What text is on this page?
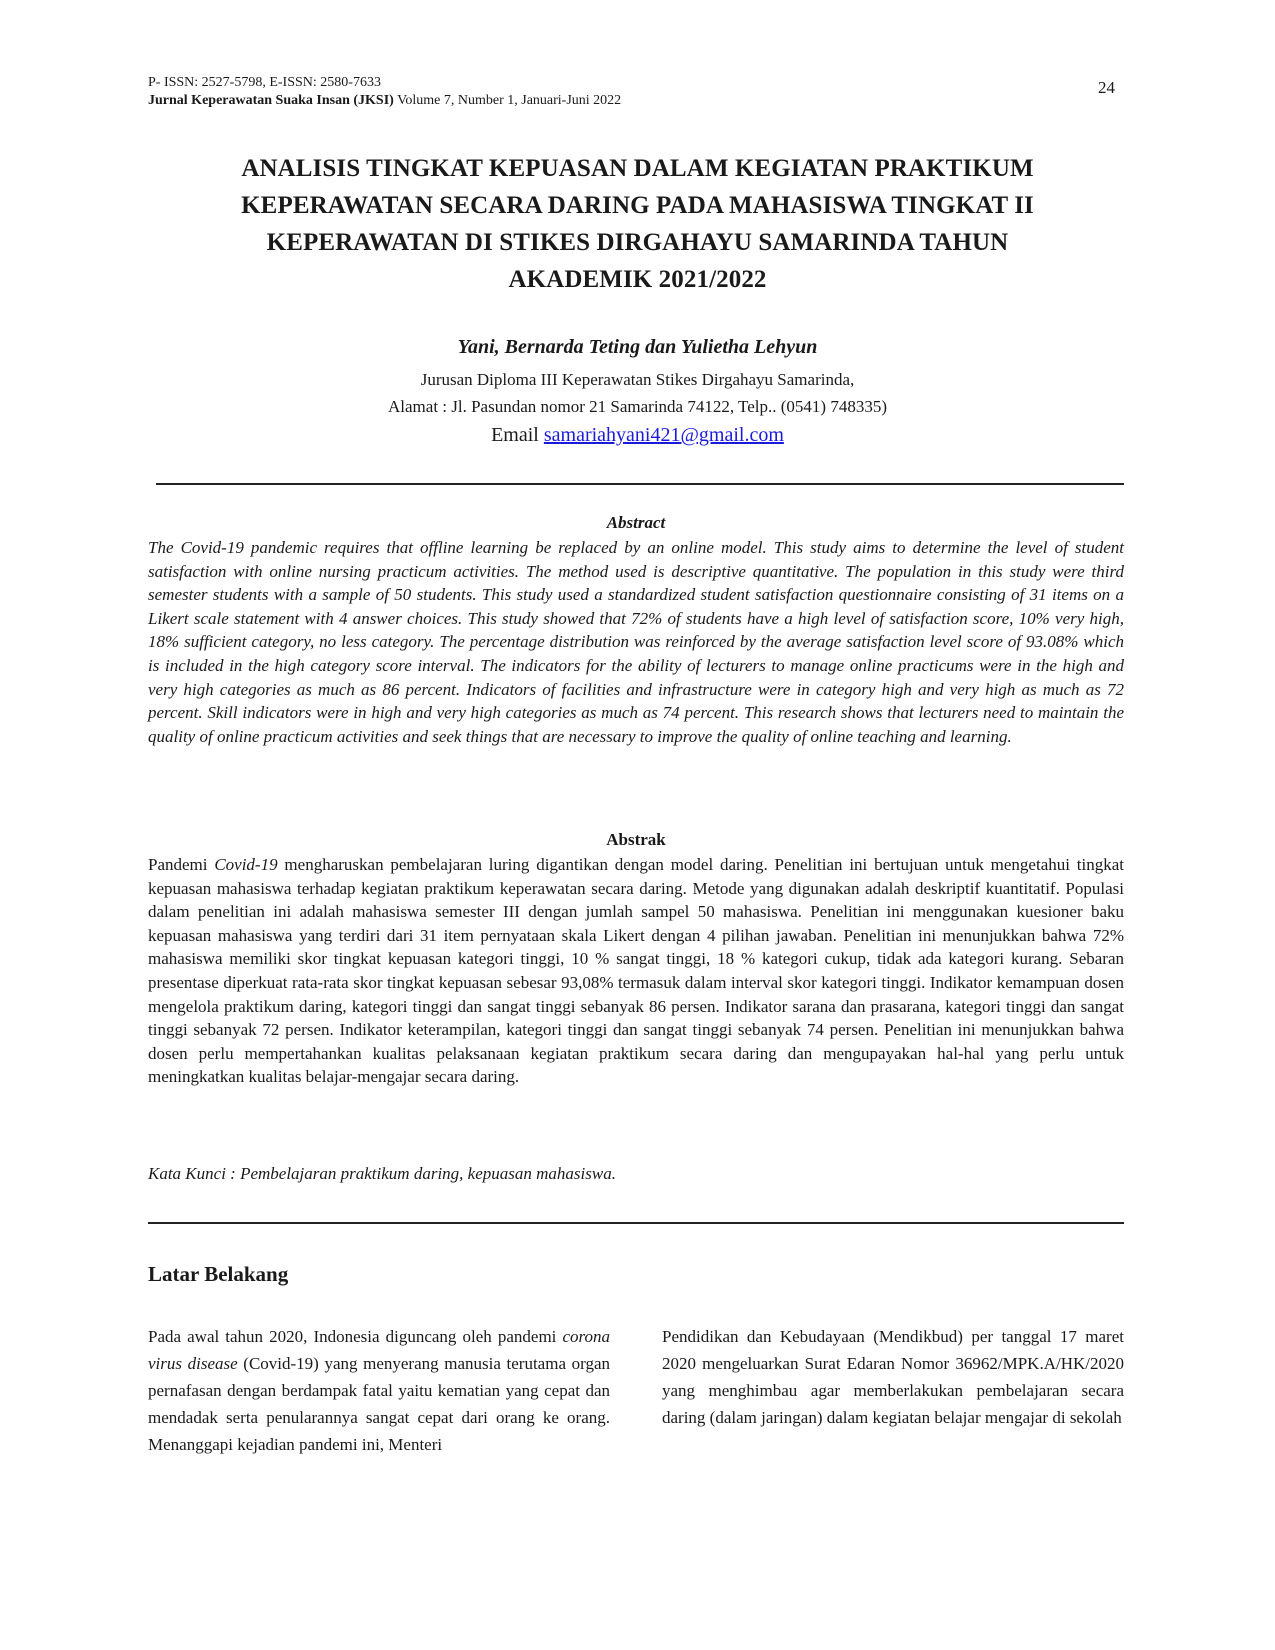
P- ISSN: 2527-5798, E-ISSN: 2580-7633
Jurnal Keperawatan Suaka Insan (JKSI) Volume 7, Number 1, Januari-Juni 2022
24
ANALISIS TINGKAT KEPUASAN DALAM KEGIATAN PRAKTIKUM
KEPERAWATAN SECARA DARING PADA MAHASISWA TINGKAT II
KEPERAWATAN DI STIKES DIRGAHAYU SAMARINDA TAHUN
AKADEMIK 2021/2022
Yani, Bernarda Teting dan Yulietha Lehyun
Jurusan Diploma III Keperawatan Stikes Dirgahayu Samarinda,
Alamat : Jl. Pasundan nomor 21 Samarinda 74122, Telp.. (0541) 748335)
Email samariahyani421@gmail.com
Abstract
The Covid-19 pandemic requires that offline learning be replaced by an online model. This study aims to determine the level of student satisfaction with online nursing practicum activities. The method used is descriptive quantitative. The population in this study were third semester students with a sample of 50 students. This study used a standardized student satisfaction questionnaire consisting of 31 items on a Likert scale statement with 4 answer choices. This study showed that 72% of students have a high level of satisfaction score, 10% very high, 18% sufficient category, no less category. The percentage distribution was reinforced by the average satisfaction level score of 93.08% which is included in the high category score interval. The indicators for the ability of lecturers to manage online practicums were in the high and very high categories as much as 86 percent. Indicators of facilities and infrastructure were in category high and very high as much as 72 percent. Skill indicators were in high and very high categories as much as 74 percent. This research shows that lecturers need to maintain the quality of online practicum activities and seek things that are necessary to improve the quality of online teaching and learning.
Abstrak
Pandemi Covid-19 mengharuskan pembelajaran luring digantikan dengan model daring. Penelitian ini bertujuan untuk mengetahui tingkat kepuasan mahasiswa terhadap kegiatan praktikum keperawatan secara daring. Metode yang digunakan adalah deskriptif kuantitatif. Populasi dalam penelitian ini adalah mahasiswa semester III dengan jumlah sampel 50 mahasiswa. Penelitian ini menggunakan kuesioner baku kepuasan mahasiswa yang terdiri dari 31 item pernyataan skala Likert dengan 4 pilihan jawaban. Penelitian ini menunjukkan bahwa 72% mahasiswa memiliki skor tingkat kepuasan kategori tinggi, 10 % sangat tinggi, 18 % kategori cukup, tidak ada kategori kurang. Sebaran presentase diperkuat rata-rata skor tingkat kepuasan sebesar 93,08% termasuk dalam interval skor kategori tinggi. Indikator kemampuan dosen mengelola praktikum daring, kategori tinggi dan sangat tinggi sebanyak 86 persen. Indikator sarana dan prasarana, kategori tinggi dan sangat tinggi sebanyak 72 persen. Indikator keterampilan, kategori tinggi dan sangat tinggi sebanyak 74 persen. Penelitian ini menunjukkan bahwa dosen perlu mempertahankan kualitas pelaksanaan kegiatan praktikum secara daring dan mengupayakan hal-hal yang perlu untuk meningkatkan kualitas belajar-mengajar secara daring.
Kata Kunci : Pembelajaran praktikum daring, kepuasan mahasiswa.
Latar Belakang
Pada awal tahun 2020, Indonesia diguncang oleh pandemi corona virus disease (Covid-19) yang menyerang manusia terutama organ pernafasan dengan berdampak fatal yaitu kematian yang cepat dan mendadak serta penularannya sangat cepat dari orang ke orang. Menanggapi kejadian pandemi ini, Menteri
Pendidikan dan Kebudayaan (Mendikbud) per tanggal 17 maret 2020 mengeluarkan Surat Edaran Nomor 36962/MPK.A/HK/2020 yang menghimbau agar memberlakukan pembelajaran secara daring (dalam jaringan) dalam kegiatan belajar mengajar di sekolah
